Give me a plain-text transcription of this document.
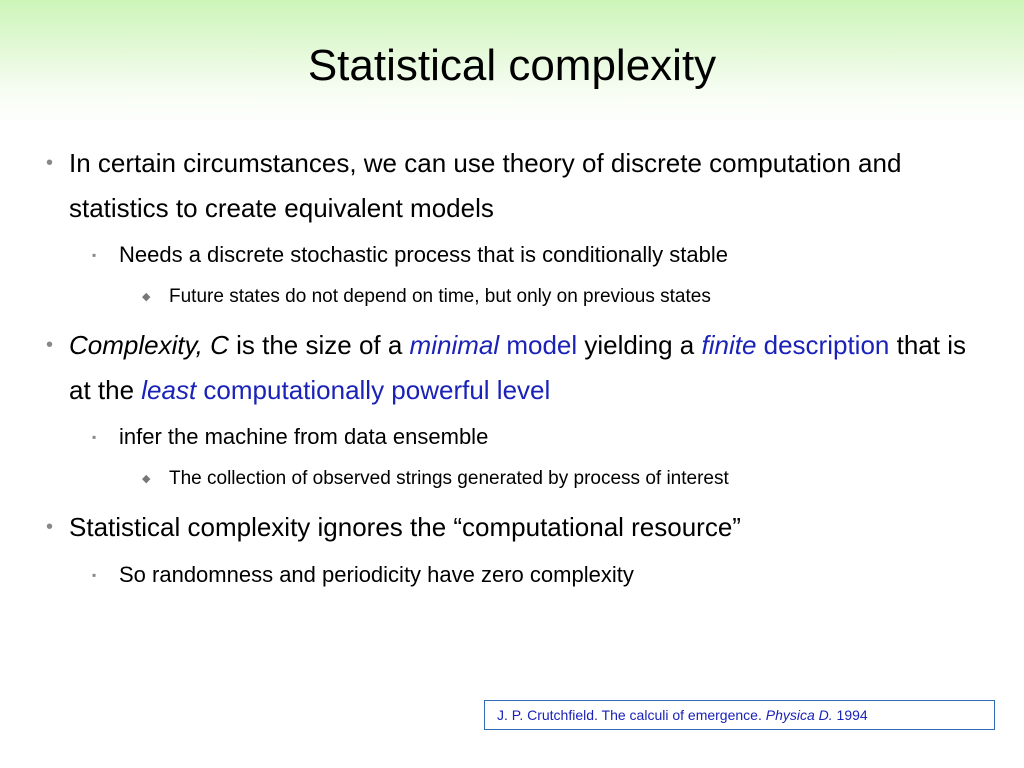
Statistical complexity
• In certain circumstances, we can use theory of discrete computation and statistics to create equivalent models
▪ Needs a discrete stochastic process that is conditionally stable
◆ Future states do not depend on time, but only on previous states
• Complexity, C is the size of a minimal model yielding a finite description that is at the least computationally powerful level
▪ infer the machine from data ensemble
◆ The collection of observed strings generated by process of interest
• Statistical complexity ignores the “computational resource”
▪ So randomness and periodicity have zero complexity
J. P. Crutchfield. The calculi of emergence. Physica D. 1994
